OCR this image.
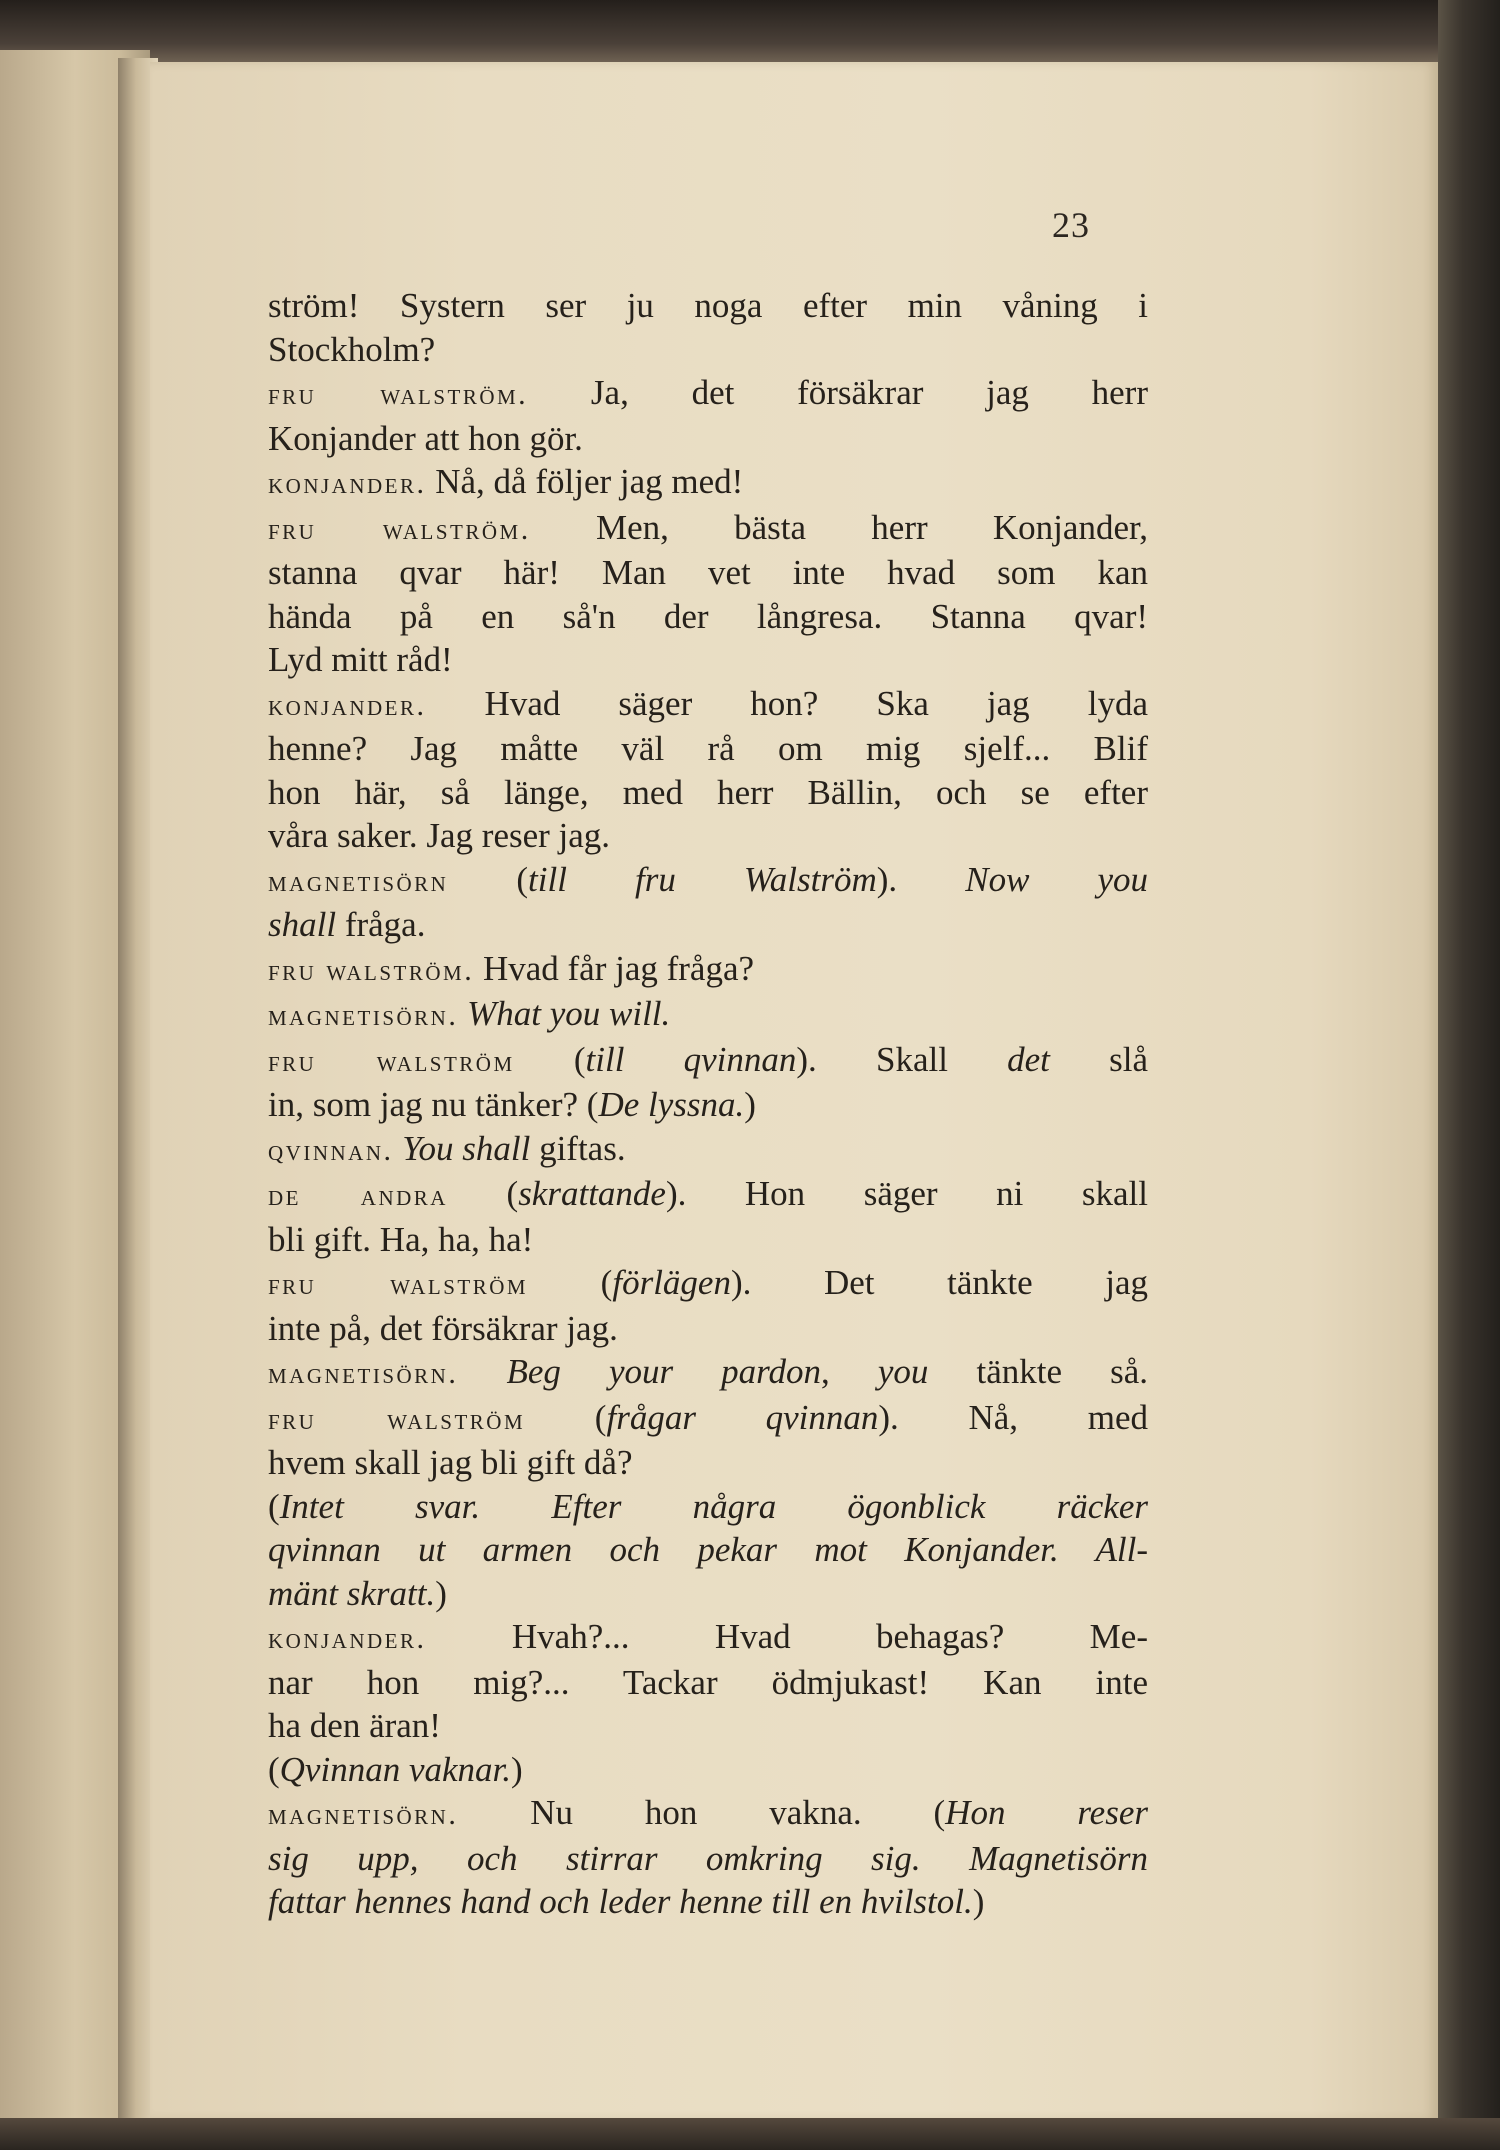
23
ström! Systern ser ju noga efter min våning i
Stockholm?
fru walström. Ja, det försäkrar jag herr
Konjander att hon gör.
konjander. Nå, då följer jag med!
fru walström. Men, bästa herr Konjander,
stanna qvar här! Man vet inte hvad som kan
hända på en så'n der långresa. Stanna qvar!
Lyd mitt råd!
konjander. Hvad säger hon? Ska jag lyda
henne? Jag måtte väl rå om mig sjelf... Blif
hon här, så länge, med herr Bällin, och se efter
våra saker. Jag reser jag.
magnetisörn (till fru Walström). Now you
shall fråga.
fru walström. Hvad får jag fråga?
magnetisörn. What you will.
fru walström (till qvinnan). Skall det slå
in, som jag nu tänker? (De lyssna.)
qvinnan. You shall giftas.
de andra (skrattande). Hon säger ni skall
bli gift. Ha, ha, ha!
fru walström (förlägen). Det tänkte jag
inte på, det försäkrar jag.
magnetisörn. Beg your pardon, you tänkte så.
fru walström (frågar qvinnan). Nå, med
hvem skall jag bli gift då?
(Intet svar. Efter några ögonblick räcker
qvinnan ut armen och pekar mot Konjander. All-
mänt skratt.)
konjander. Hvah?... Hvad behagas? Me-
nar hon mig?... Tackar ödmjukast! Kan inte
ha den äran!
(Qvinnan vaknar.)
magnetisörn. Nu hon vakna. (Hon reser
sig upp, och stirrar omkring sig. Magnetisörn
fattar hennes hand och leder henne till en hvilstol.)
